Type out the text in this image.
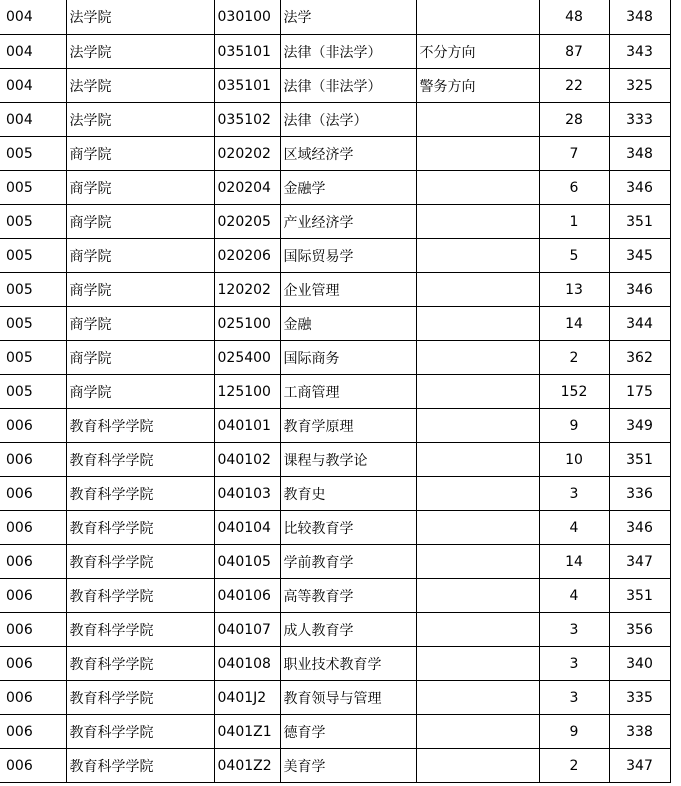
004	法学院	030100	法学		48	348
004	法学院	035101	法律（非法学）	不分方向	87	343
004	法学院	035101	法律（非法学）	警务方向	22	325
004	法学院	035102	法律（法学）		28	333
005	商学院	020202	区域经济学		7	348
005	商学院	020204	金融学		6	346
005	商学院	020205	产业经济学		1	351
005	商学院	020206	国际贸易学		5	345
005	商学院	120202	企业管理		13	346
005	商学院	025100	金融		14	344
005	商学院	025400	国际商务		2	362
005	商学院	125100	工商管理		152	175
006	教育科学学院	040101	教育学原理		9	349
006	教育科学学院	040102	课程与教学论		10	351
006	教育科学学院	040103	教育史		3	336
006	教育科学学院	040104	比较教育学		4	346
006	教育科学学院	040105	学前教育学		14	347
006	教育科学学院	040106	高等教育学		4	351
006	教育科学学院	040107	成人教育学		3	356
006	教育科学学院	040108	职业技术教育学		3	340
006	教育科学学院	0401J2	教育领导与管理		3	335
006	教育科学学院	0401Z1	德育学		9	338
006	教育科学学院	0401Z2	美育学		2	347
